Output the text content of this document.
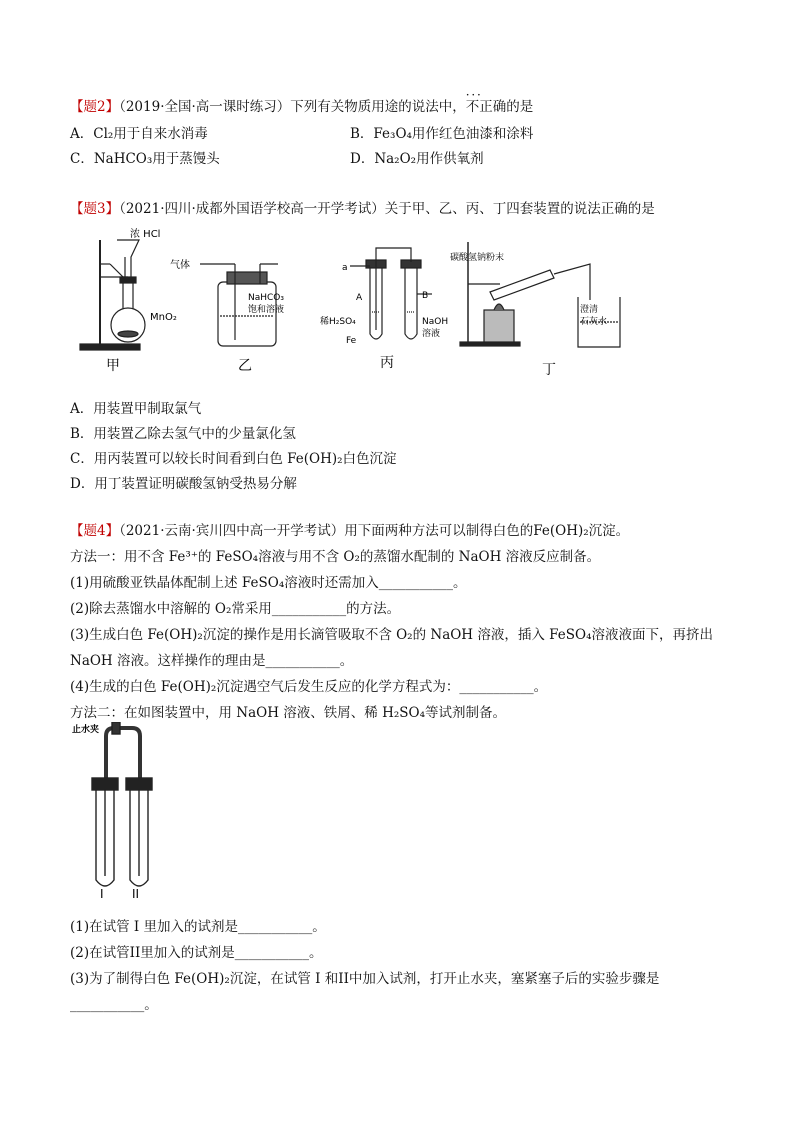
【题2】（2019·全国·高一课时练习）下列有关物质用途的说法中，· · · 不正确的是
A．Cl₂用于自来水消毒	B．Fe₃O₄用作红色油漆和涂料
C．NaHCO₃用于蒸馒头	D．Na₂O₂用作供氧剂
【题3】（2021·四川·成都外国语学校高一开学考试）关于甲、乙、丙、丁四套装置的说法正确的是
浓 HCl
MnO₂
甲
气体
NaHCO₃
饱和溶液
乙
a
A	B
稀H₂SO₄
Fe
NaOH
溶液
丙
碳酸氢钠粉末
澄清
石灰水
丁
A．用装置甲制取氯气
B．用装置乙除去氢气中的少量氯化氢
C．用丙装置可以较长时间看到白色 Fe(OH)₂白色沉淀
D．用丁装置证明碳酸氢钠受热易分解
【题4】（2021·云南·宾川四中高一开学考试）用下面两种方法可以制得白色的Fe(OH)₂沉淀。
方法一：用不含 Fe³⁺的 FeSO₄溶液与用不含 O₂的蒸馏水配制的 NaOH 溶液反应制备。
(1)用硫酸亚铁晶体配制上述 FeSO₄溶液时还需加入___________。
(2)除去蒸馏水中溶解的 O₂常采用___________的方法。
(3)生成白色 Fe(OH)₂沉淀的操作是用长滴管吸取不含 O₂的 NaOH 溶液，插入 FeSO₄溶液液面下，再挤出
NaOH 溶液。这样操作的理由是___________。
(4)生成的白色 Fe(OH)₂沉淀遇空气后发生反应的化学方程式为：___________。
方法二：在如图装置中，用 NaOH 溶液、铁屑、稀 H₂SO₄等试剂制备。
止水夹
I II
(1)在试管 I 里加入的试剂是___________。
(2)在试管II里加入的试剂是___________。
(3)为了制得白色 Fe(OH)₂沉淀，在试管 I 和II中加入试剂，打开止水夹，塞紧塞子后的实验步骤是
___________。
